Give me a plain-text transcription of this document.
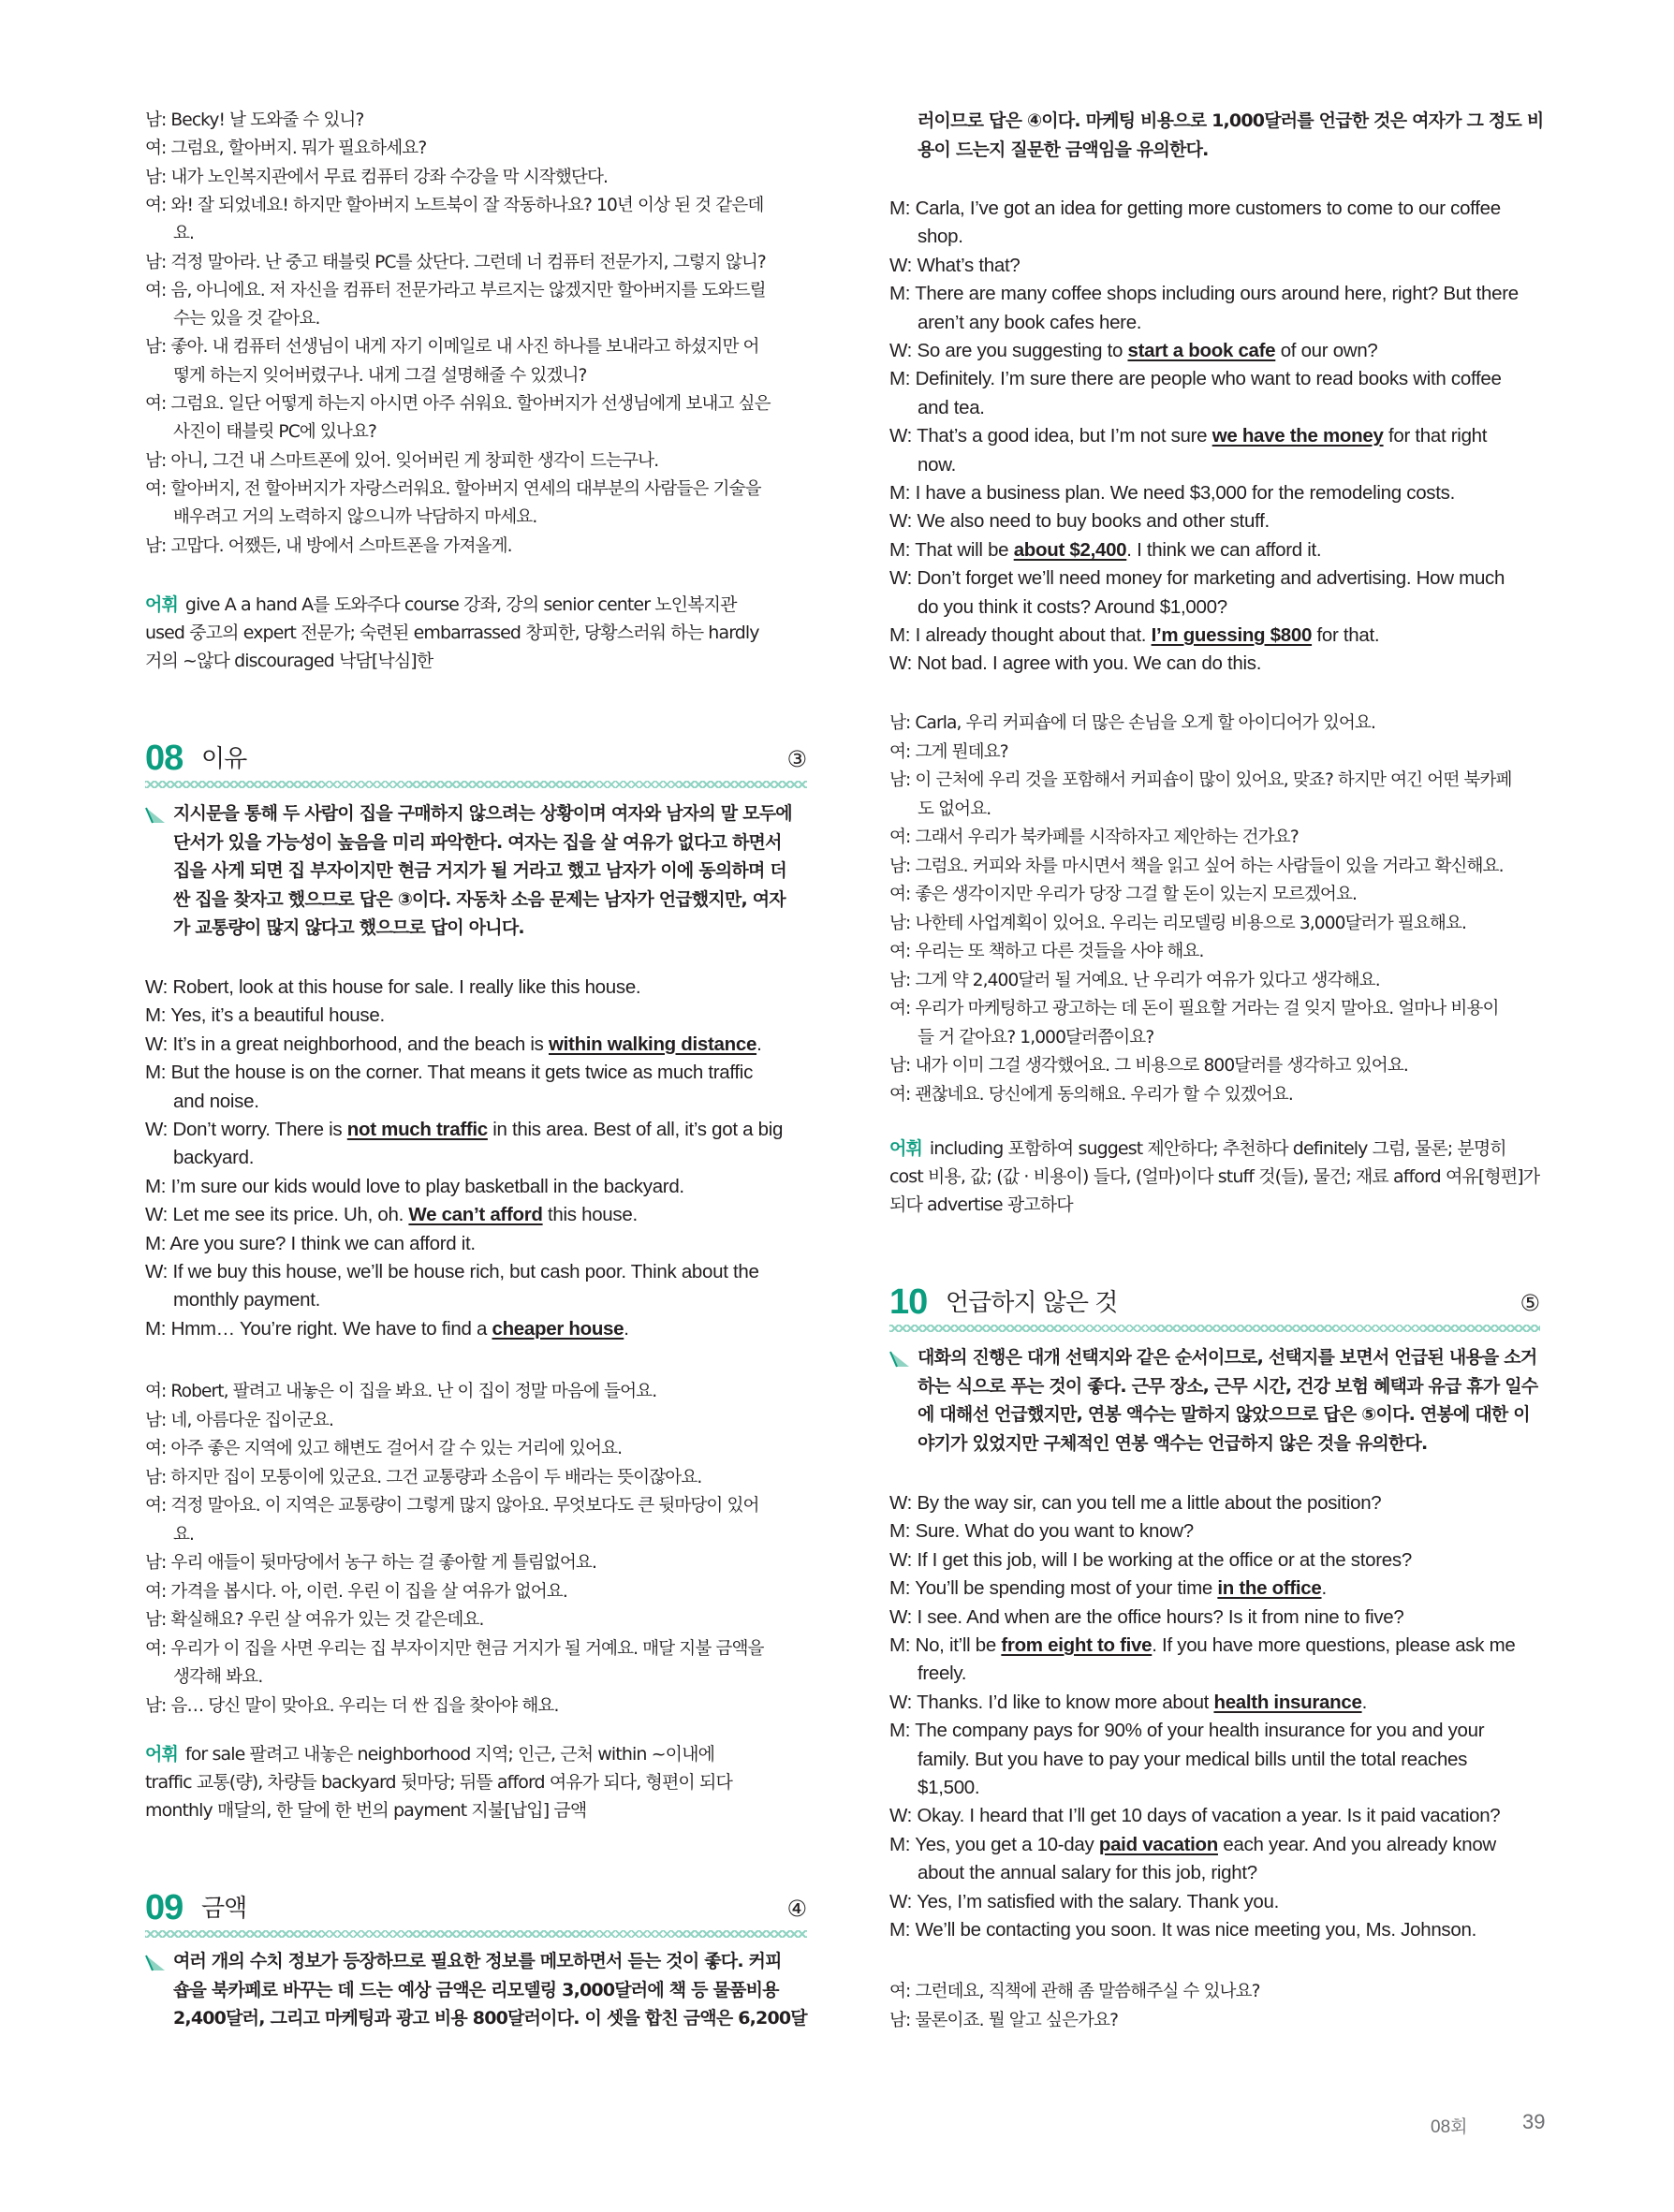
남: Becky! 날 도와줄 수 있니?
여: 그럼요, 할아버지. 뭐가 필요하세요?
남: 내가 노인복지관에서 무료 컴퓨터 강좌 수강을 막 시작했단다.
여: 와! 잘 되었네요! 하지만 할아버지 노트북이 잘 작동하나요? 10년 이상 된 것 같은데
요.
남: 걱정 말아라. 난 중고 태블릿 PC를 샀단다. 그런데 너 컴퓨터 전문가지, 그렇지 않니?
여: 음, 아니에요. 저 자신을 컴퓨터 전문가라고 부르지는 않겠지만 할아버지를 도와드릴
수는 있을 것 같아요.
남: 좋아. 내 컴퓨터 선생님이 내게 자기 이메일로 내 사진 하나를 보내라고 하셨지만 어
떻게 하는지 잊어버렸구나. 내게 그걸 설명해줄 수 있겠니?
여: 그럼요. 일단 어떻게 하는지 아시면 아주 쉬워요. 할아버지가 선생님에게 보내고 싶은
사진이 태블릿 PC에 있나요?
남: 아니, 그건 내 스마트폰에 있어. 잊어버린 게 창피한 생각이 드는구나.
여: 할아버지, 전 할아버지가 자랑스러워요. 할아버지 연세의 대부분의 사람들은 기술을
배우려고 거의 노력하지 않으니까 낙담하지 마세요.
남: 고맙다. 어쨌든, 내 방에서 스마트폰을 가져올게.
어휘 give A a hand A를 도와주다 course 강좌, 강의 senior center 노인복지관
used 중고의 expert 전문가; 숙련된 embarrassed 창피한, 당황스러워 하는 hardly
거의 ~않다 discouraged 낙담[낙심]한
08 이유	③
지시문을 통해 두 사람이 집을 구매하지 않으려는 상황이며 여자와 남자의 말 모두에
단서가 있을 가능성이 높음을 미리 파악한다. 여자는 집을 살 여유가 없다고 하면서
집을 사게 되면 집 부자이지만 현금 거지가 될 거라고 했고 남자가 이에 동의하며 더
싼 집을 찾자고 했으므로 답은 ③이다. 자동차 소음 문제는 남자가 언급했지만, 여자
가 교통량이 많지 않다고 했으므로 답이 아니다.
W: Robert, look at this house for sale. I really like this house.
M: Yes, it’s a beautiful house.
W: It’s in a great neighborhood, and the beach is within walking distance.
M: But the house is on the corner. That means it gets twice as much traffic
and noise.
W: Don’t worry. There is not much traffic in this area. Best of all, it’s got a big
backyard.
M: I’m sure our kids would love to play basketball in the backyard.
W: Let me see its price. Uh, oh. We can’t afford this house.
M: Are you sure? I think we can afford it.
W: If we buy this house, we’ll be house rich, but cash poor. Think about the
monthly payment.
M: Hmm… You’re right. We have to find a cheaper house.
여: Robert, 팔려고 내놓은 이 집을 봐요. 난 이 집이 정말 마음에 들어요.
남: 네, 아름다운 집이군요.
여: 아주 좋은 지역에 있고 해변도 걸어서 갈 수 있는 거리에 있어요.
남: 하지만 집이 모퉁이에 있군요. 그건 교통량과 소음이 두 배라는 뜻이잖아요.
여: 걱정 말아요. 이 지역은 교통량이 그렇게 많지 않아요. 무엇보다도 큰 뒷마당이 있어
요.
남: 우리 애들이 뒷마당에서 농구 하는 걸 좋아할 게 틀림없어요.
여: 가격을 봅시다. 아, 이런. 우린 이 집을 살 여유가 없어요.
남: 확실해요? 우린 살 여유가 있는 것 같은데요.
여: 우리가 이 집을 사면 우리는 집 부자이지만 현금 거지가 될 거예요. 매달 지불 금액을
생각해 봐요.
남: 음… 당신 말이 맞아요. 우리는 더 싼 집을 찾아야 해요.
어휘 for sale 팔려고 내놓은 neighborhood 지역; 인근, 근처 within ~이내에
traffic 교통(량), 차량들 backyard 뒷마당; 뒤뜰 afford 여유가 되다, 형편이 되다
monthly 매달의, 한 달에 한 번의 payment 지불[납입] 금액
09 금액	④
여러 개의 수치 정보가 등장하므로 필요한 정보를 메모하면서 듣는 것이 좋다. 커피
숍을 북카페로 바꾸는 데 드는 예상 금액은 리모델링 3,000달러에 책 등 물품비용
2,400달러, 그리고 마케팅과 광고 비용 800달러이다. 이 셋을 합친 금액은 6,200달
러이므로 답은 ④이다. 마케팅 비용으로 1,000달러를 언급한 것은 여자가 그 정도 비
용이 드는지 질문한 금액임을 유의한다.
M: Carla, I’ve got an idea for getting more customers to come to our coffee
shop.
W: What’s that?
M: There are many coffee shops including ours around here, right? But there
aren’t any book cafes here.
W: So are you suggesting to start a book cafe of our own?
M: Definitely. I’m sure there are people who want to read books with coffee
and tea.
W: That’s a good idea, but I’m not sure we have the money for that right
now.
M: I have a business plan. We need $3,000 for the remodeling costs.
W: We also need to buy books and other stuff.
M: That will be about $2,400. I think we can afford it.
W: Don’t forget we’ll need money for marketing and advertising. How much
do you think it costs? Around $1,000?
M: I already thought about that. I’m guessing $800 for that.
W: Not bad. I agree with you. We can do this.
남: Carla, 우리 커피숍에 더 많은 손님을 오게 할 아이디어가 있어요.
여: 그게 뭔데요?
남: 이 근처에 우리 것을 포함해서 커피숍이 많이 있어요, 맞죠? 하지만 여긴 어떤 북카페
도 없어요.
여: 그래서 우리가 북카페를 시작하자고 제안하는 건가요?
남: 그럼요. 커피와 차를 마시면서 책을 읽고 싶어 하는 사람들이 있을 거라고 확신해요.
여: 좋은 생각이지만 우리가 당장 그걸 할 돈이 있는지 모르겠어요.
남: 나한테 사업계획이 있어요. 우리는 리모델링 비용으로 3,000달러가 필요해요.
여: 우리는 또 책하고 다른 것들을 사야 해요.
남: 그게 약 2,400달러 될 거예요. 난 우리가 여유가 있다고 생각해요.
여: 우리가 마케팅하고 광고하는 데 돈이 필요할 거라는 걸 잊지 말아요. 얼마나 비용이
들 거 같아요? 1,000달러쯤이요?
남: 내가 이미 그걸 생각했어요. 그 비용으로 800달러를 생각하고 있어요.
여: 괜찮네요. 당신에게 동의해요. 우리가 할 수 있겠어요.
어휘 including 포함하여 suggest 제안하다; 추천하다 definitely 그럼, 물론; 분명히
cost 비용, 값; (값 · 비용이) 들다, (얼마)이다 stuff 것(들), 물건; 재료 afford 여유[형편]가
되다 advertise 광고하다
10 언급하지 않은 것	⑤
대화의 진행은 대개 선택지와 같은 순서이므로, 선택지를 보면서 언급된 내용을 소거
하는 식으로 푸는 것이 좋다. 근무 장소, 근무 시간, 건강 보험 혜택과 유급 휴가 일수
에 대해선 언급했지만, 연봉 액수는 말하지 않았으므로 답은 ⑤이다. 연봉에 대한 이
야기가 있었지만 구체적인 연봉 액수는 언급하지 않은 것을 유의한다.
W: By the way sir, can you tell me a little about the position?
M: Sure. What do you want to know?
W: If I get this job, will I be working at the office or at the stores?
M: You’ll be spending most of your time in the office.
W: I see. And when are the office hours? Is it from nine to five?
M: No, it’ll be from eight to five. If you have more questions, please ask me
freely.
W: Thanks. I’d like to know more about health insurance.
M: The company pays for 90% of your health insurance for you and your
family. But you have to pay your medical bills until the total reaches
$1,500.
W: Okay. I heard that I’ll get 10 days of vacation a year. Is it paid vacation?
M: Yes, you get a 10-day paid vacation each year. And you already know
about the annual salary for this job, right?
W: Yes, I’m satisfied with the salary. Thank you.
M: We’ll be contacting you soon. It was nice meeting you, Ms. Johnson.
여: 그런데요, 직책에 관해 좀 말씀해주실 수 있나요?
남: 물론이죠. 뭘 알고 싶은가요?
08회	39
